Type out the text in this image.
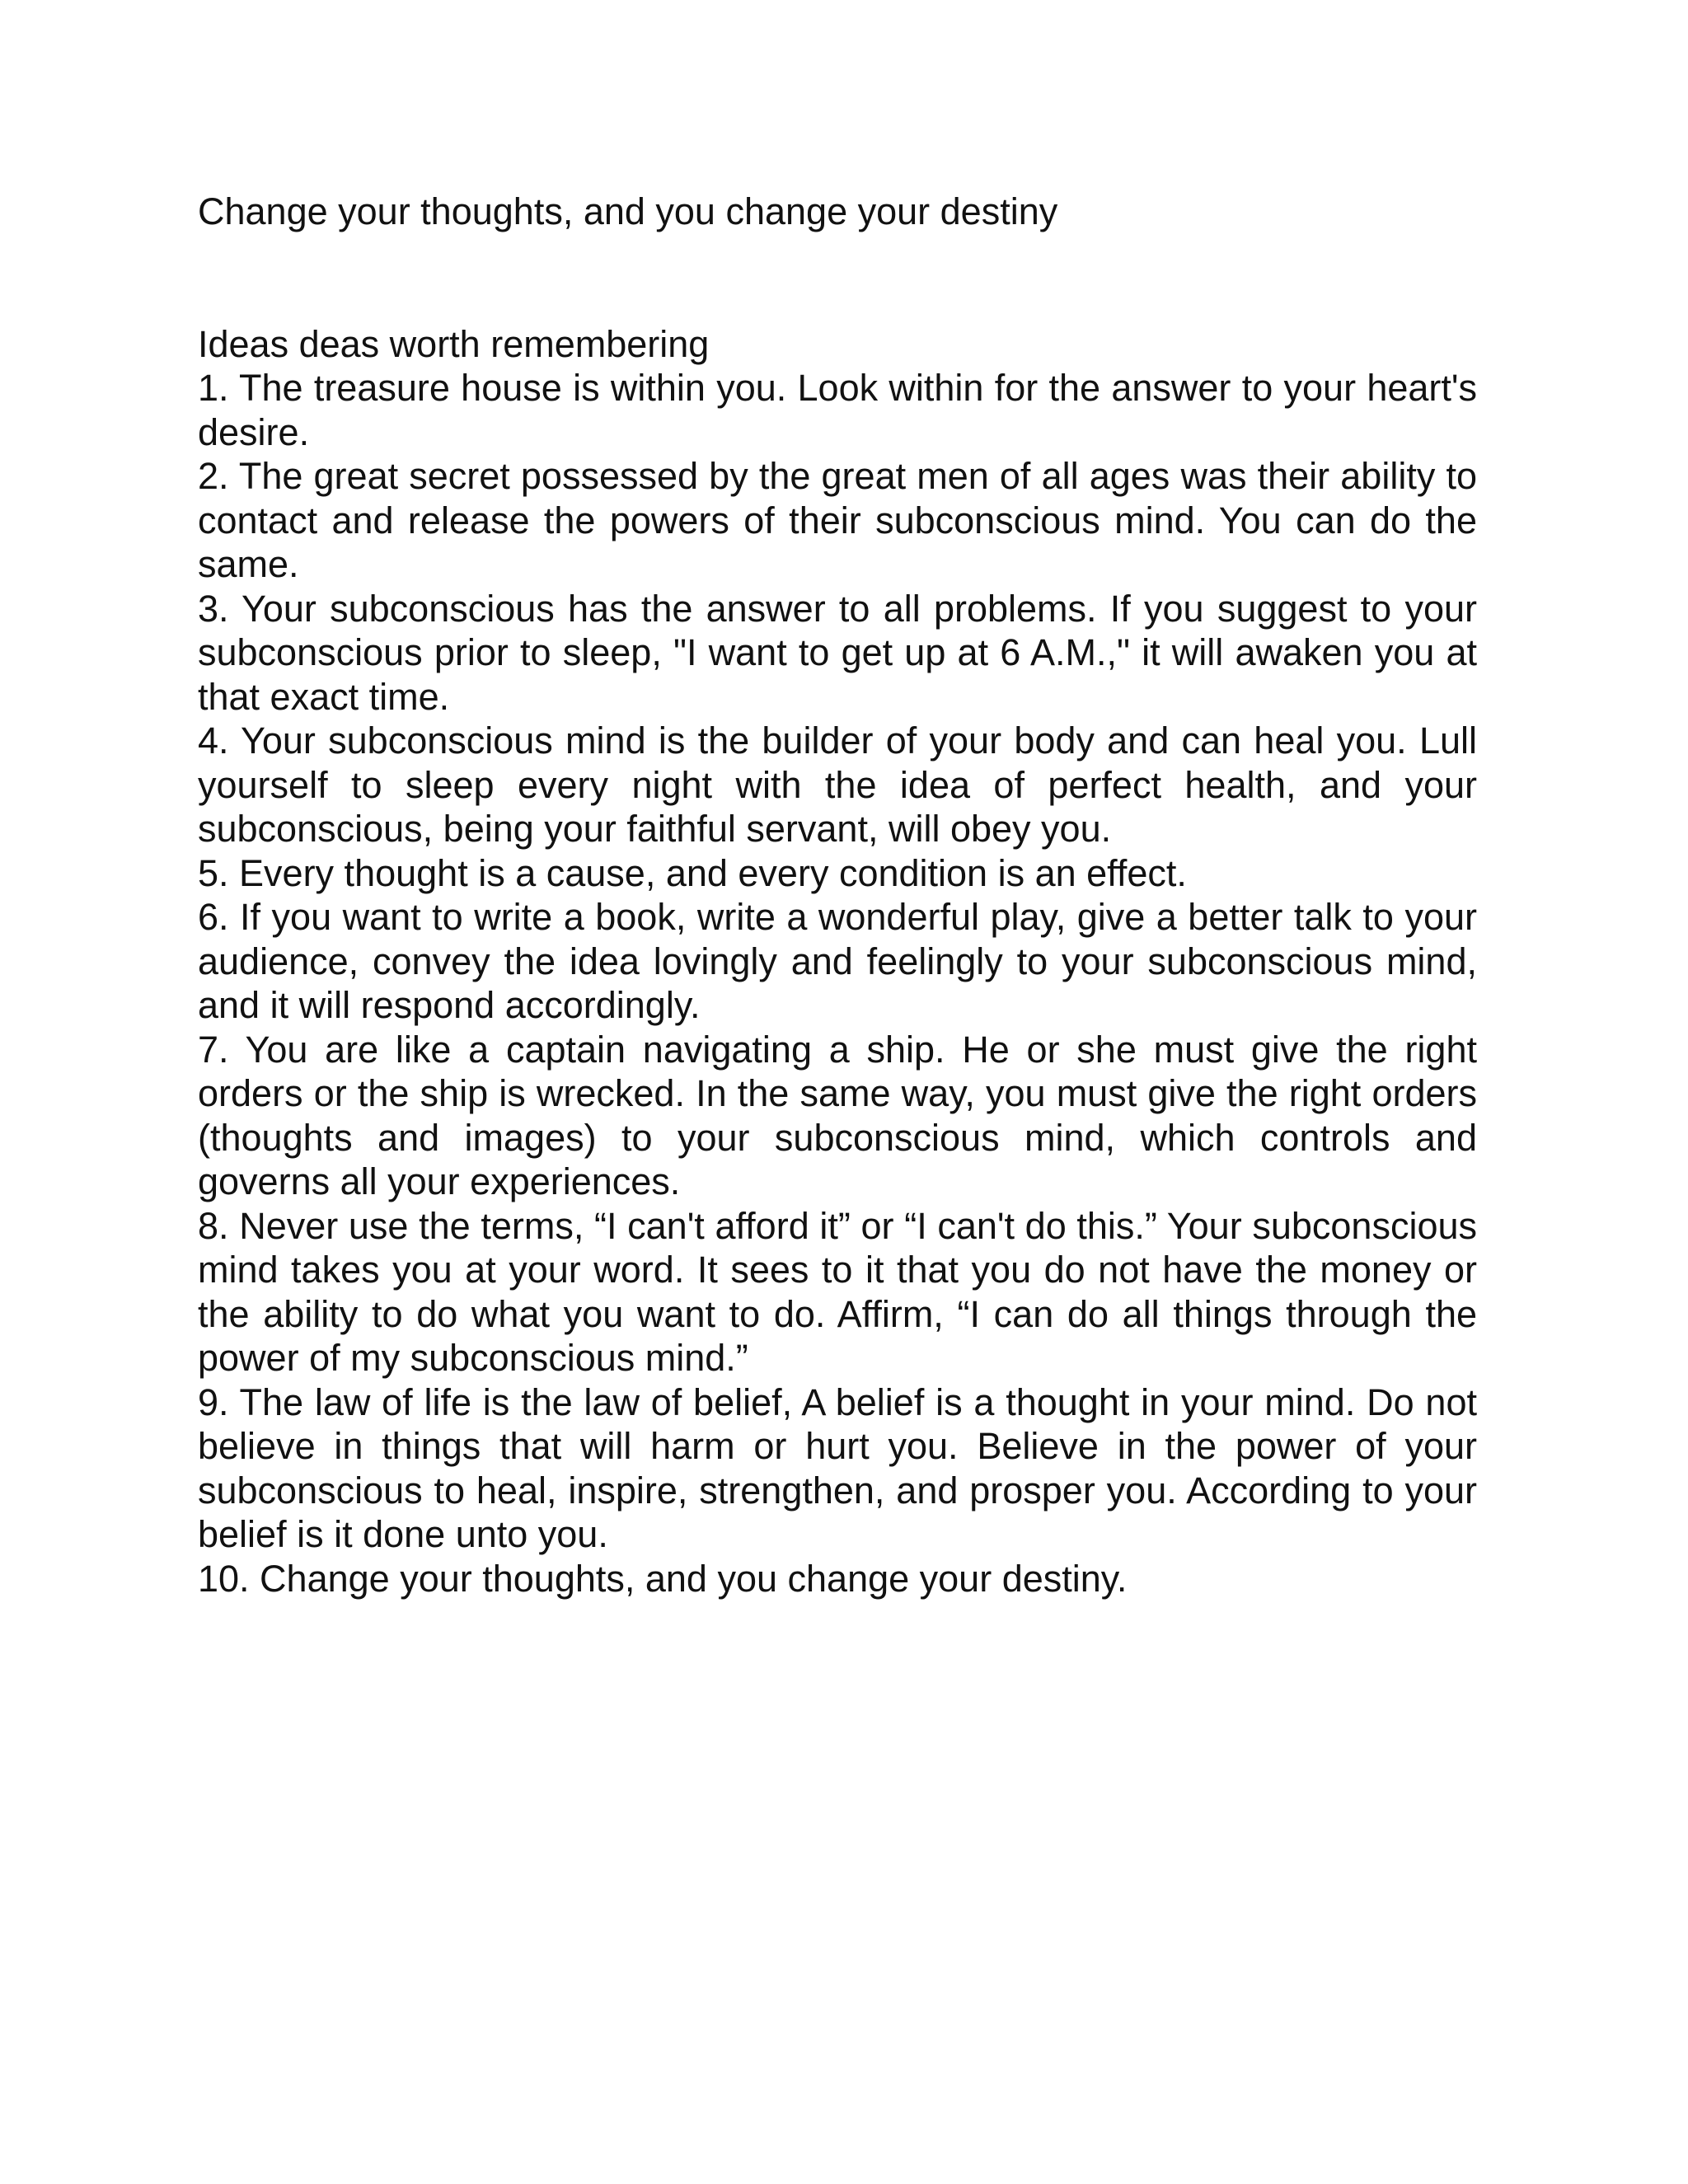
Change your thoughts, and you change your destiny
Ideas deas worth remembering
1. The treasure house is within you. Look within for the answer to your heart's desire.
2. The great secret possessed by the great men of all ages was their ability to contact and release the powers of their subconscious mind. You can do the same.
3. Your subconscious has the answer to all problems. If you suggest to your subconscious prior to sleep, "I want to get up at 6 A.M.," it will awaken you at that exact time.
4. Your subconscious mind is the builder of your body and can heal you. Lull yourself to sleep every night with the idea of perfect health, and your subconscious, being your faithful servant, will obey you.
5. Every thought is a cause, and every condition is an effect.
6. If you want to write a book, write a wonderful play, give a better talk to your audience, convey the idea lovingly and feelingly to your subconscious mind, and it will respond accordingly.
7. You are like a captain navigating a ship. He or she must give the right orders or the ship is wrecked. In the same way, you must give the right orders (thoughts and images) to your subconscious mind, which controls and governs all your experiences.
8. Never use the terms, “I can't afford it” or “I can't do this.” Your subconscious mind takes you at your word. It sees to it that you do not have the money or the ability to do what you want to do. Affirm, “I can do all things through the power of my subconscious mind.”
9. The law of life is the law of belief, A belief is a thought in your mind. Do not believe in things that will harm or hurt you. Believe in the power of your subconscious to heal, inspire, strengthen, and prosper you. According to your belief is it done unto you.
10. Change your thoughts, and you change your destiny.
